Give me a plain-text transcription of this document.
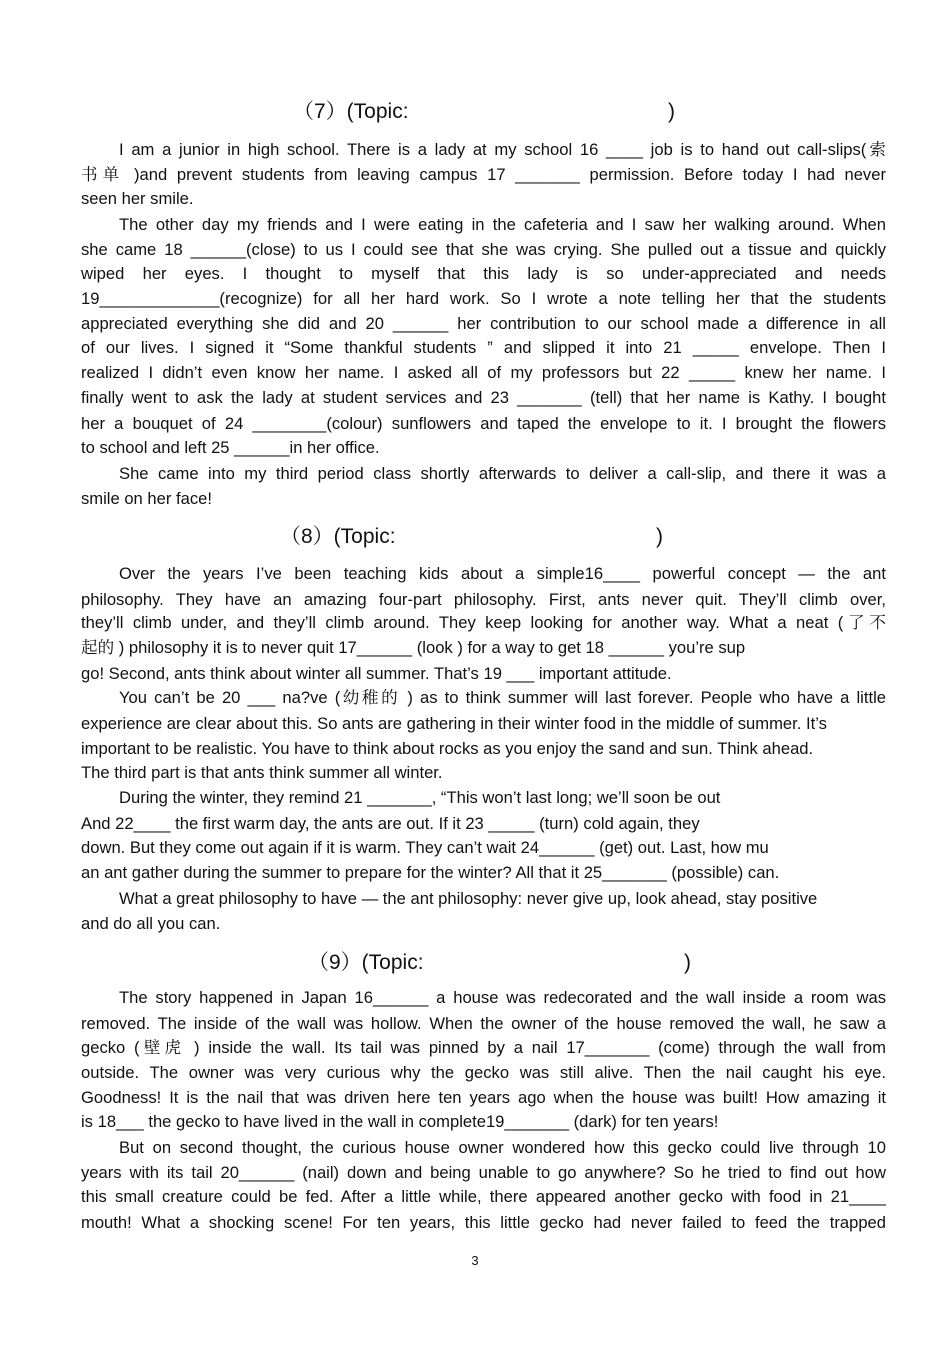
（7）(Topic:	)
I am a junior in high school. There is a lady at my school 16 ____ job is to hand out call-slips(索
书单 )and prevent students from leaving campus 17 _______ permission. Before today I had never
seen her smile.
The other day my friends and I were eating in the cafeteria and I saw her walking around. When
she came 18 ______(close) to us I could see that she was crying. She pulled out a tissue and quickly
wiped her eyes. I thought to myself that this lady is so under-appreciated and needs
19_____________(recognize) for all her hard work. So I wrote a note telling her that the students
appreciated everything she did and 20 ______ her contribution to our school made a difference in all
of our lives. I signed it “Some thankful students ” and slipped it into 21 _____ envelope. Then I
realized I didn’t even know her name. I asked all of my professors but 22 _____ knew her name. I
finally went to ask the lady at student services and 23 _______ (tell) that her name is Kathy. I bought
her a bouquet of 24 ________(colour) sunflowers and taped the envelope to it. I brought the flowers
to school and left 25 ______in her office.
She came into my third period class shortly afterwards to deliver a call-slip, and there it was a
smile on her face!
（8）(Topic:	)
Over the years I’ve been teaching kids about a simple16____ powerful concept — the ant
philosophy. They have an amazing four-part philosophy. First, ants never quit. They’ll climb over,
they’ll climb under, and they’ll climb around. They keep looking for another way. What a neat (了不
起的 ) philosophy it is to never quit 17______ (look ) for a way to get 18 ______ you’re sup
go! Second, ants think about winter all summer. That’s 19 ___ important attitude.
You can’t be 20 ___ na?ve (幼稚的 ) as to think summer will last forever. People who have a little
experience are clear about this. So ants are gathering in their winter food in the middle of summer. It’s
important to be realistic. You have to think about rocks as you enjoy the sand and sun. Think ahead.
The third part is that ants think summer all winter.
During the winter, they remind 21 _______, “This won’t last long; we’ll soon be out
And 22____ the first warm day, the ants are out. If it 23 _____ (turn) cold again, they
down. But they come out again if it is warm. They can’t wait 24______ (get) out. Last, how mu
an ant gather during the summer to prepare for the winter? All that it 25_______ (possible) can.
What a great philosophy to have — the ant philosophy: never give up, look ahead, stay positive
and do all you can.
（9）(Topic:	)
The story happened in Japan 16______ a house was redecorated and the wall inside a room was
removed. The inside of the wall was hollow. When the owner of the house removed the wall, he saw a
gecko (壁虎 ) inside the wall. Its tail was pinned by a nail 17_______ (come) through the wall from
outside. The owner was very curious why the gecko was still alive. Then the nail caught his eye.
Goodness! It is the nail that was driven here ten years ago when the house was built! How amazing it
is 18___ the gecko to have lived in the wall in complete19_______ (dark) for ten years!
But on second thought, the curious house owner wondered how this gecko could live through 10
years with its tail 20______ (nail) down and being unable to go anywhere? So he tried to find out how
this small creature could be fed. After a little while, there appeared another gecko with food in 21____
mouth! What a shocking scene! For ten years, this little gecko had never failed to feed the trapped
3
